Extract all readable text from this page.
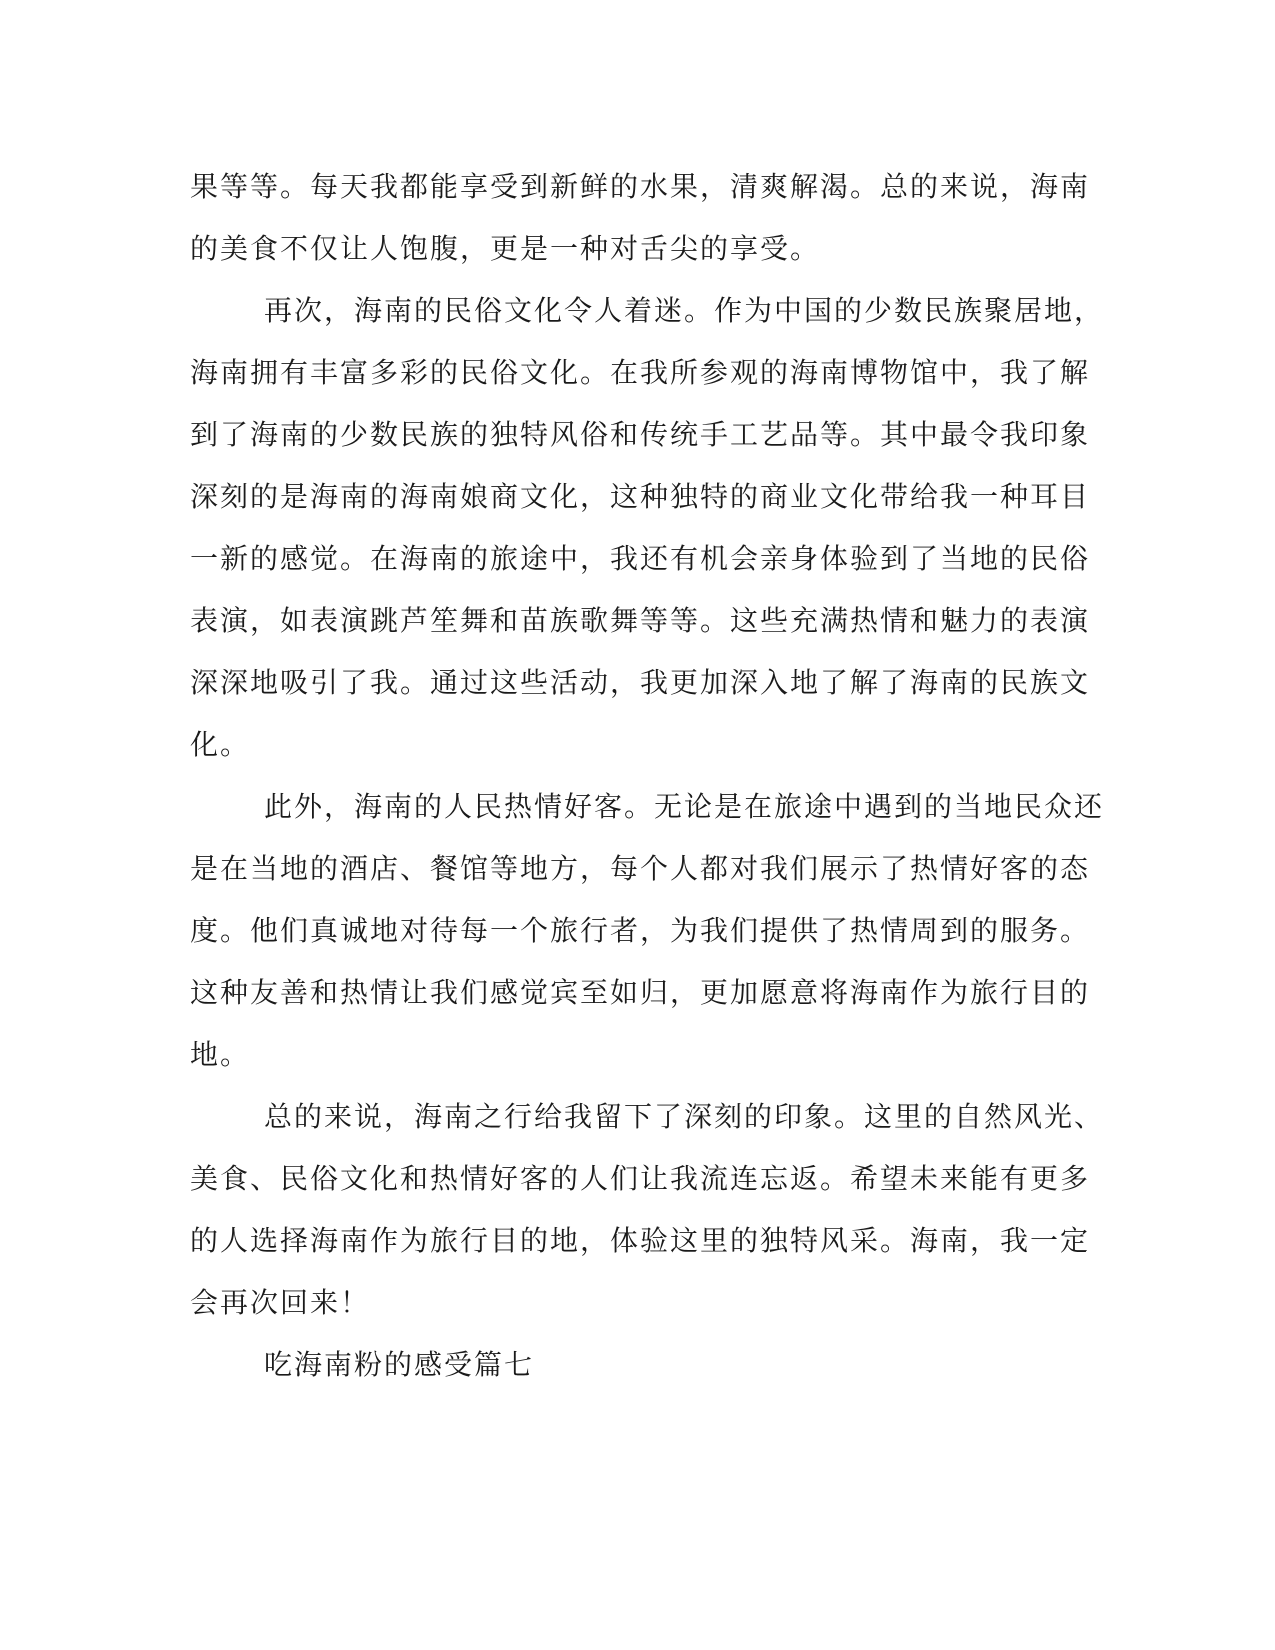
果等等。每天我都能享受到新鲜的水果，清爽解渴。总的来说，海南
的美食不仅让人饱腹，更是一种对舌尖的享受。
再次，海南的民俗文化令人着迷。作为中国的少数民族聚居地，
海南拥有丰富多彩的民俗文化。在我所参观的海南博物馆中，我了解
到了海南的少数民族的独特风俗和传统手工艺品等。其中最令我印象
深刻的是海南的海南娘商文化，这种独特的商业文化带给我一种耳目
一新的感觉。在海南的旅途中，我还有机会亲身体验到了当地的民俗
表演，如表演跳芦笙舞和苗族歌舞等等。这些充满热情和魅力的表演
深深地吸引了我。通过这些活动，我更加深入地了解了海南的民族文
化。
此外，海南的人民热情好客。无论是在旅途中遇到的当地民众还
是在当地的酒店、餐馆等地方，每个人都对我们展示了热情好客的态
度。他们真诚地对待每一个旅行者，为我们提供了热情周到的服务。
这种友善和热情让我们感觉宾至如归，更加愿意将海南作为旅行目的
地。
总的来说，海南之行给我留下了深刻的印象。这里的自然风光、
美食、民俗文化和热情好客的人们让我流连忘返。希望未来能有更多
的人选择海南作为旅行目的地，体验这里的独特风采。海南，我一定
会再次回来！
吃海南粉的感受篇七
